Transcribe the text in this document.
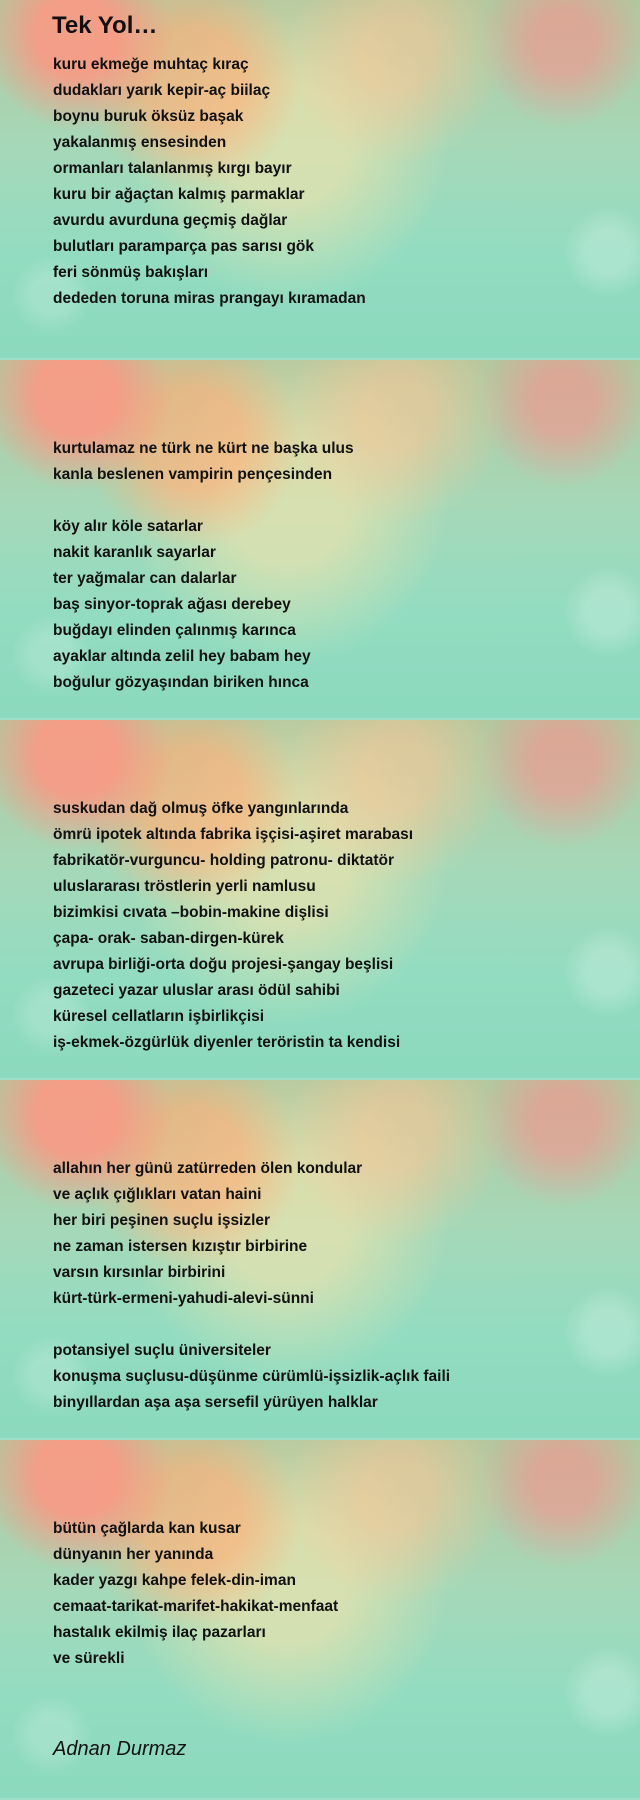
Tek Yol…
kuru ekmeğe muhtaç kıraç
dudakları yarık kepir-aç biilaç
boynu buruk öksüz başak
yakalanmış ensesinden
ormanları talanlanmış kırgı bayır
kuru bir ağaçtan kalmış parmaklar
avurdu avurduna geçmiş dağlar
bulutları paramparça pas sarısı gök
feri sönmüş bakışları
dededen toruna miras prangayı kıramadan
kurtulamaz ne türk ne kürt ne başka ulus
kanla beslenen vampirin pençesinden
köy alır köle satarlar
nakit karanlık sayarlar
ter yağmalar can dalarlar
baş sinyor-toprak ağası derebey
buğdayı elinden çalınmış karınca
ayaklar altında zelil hey babam hey
boğulur gözyaşından biriken hınca
suskudan dağ olmuş öfke yangınlarında
ömrü ipotek altında fabrika işçisi-aşiret marabası
fabrikatör-vurguncu- holding patronu- diktatör
uluslararası tröstlerin yerli namlusu
bizimkisi cıvata –bobin-makine dişlisi
çapa- orak- saban-dirgen-kürek
avrupa birliği-orta doğu projesi-şangay beşlisi
gazeteci yazar uluslar arası ödül sahibi
küresel cellatların işbirlikçisi
iş-ekmek-özgürlük diyenler teröristin ta kendisi
allahın her günü zatürreden ölen kondular
ve açlık çığlıkları vatan haini
her biri peşinen suçlu işsizler
ne zaman istersen kızıştır birbirine
varsın kırsınlar birbirini
kürt-türk-ermeni-yahudi-alevi-sünni
potansiyel suçlu üniversiteler
konuşma suçlusu-düşünme cürümlü-işsizlik-açlık faili
binyıllardan aşa aşa sersefil yürüyen halklar
bütün çağlarda kan kusar
dünyanın her yanında
kader yazgı kahpe felek-din-iman
cemaat-tarikat-marifet-hakikat-menfaat
hastalık ekilmiş ilaç pazarları
ve sürekli
Adnan Durmaz
